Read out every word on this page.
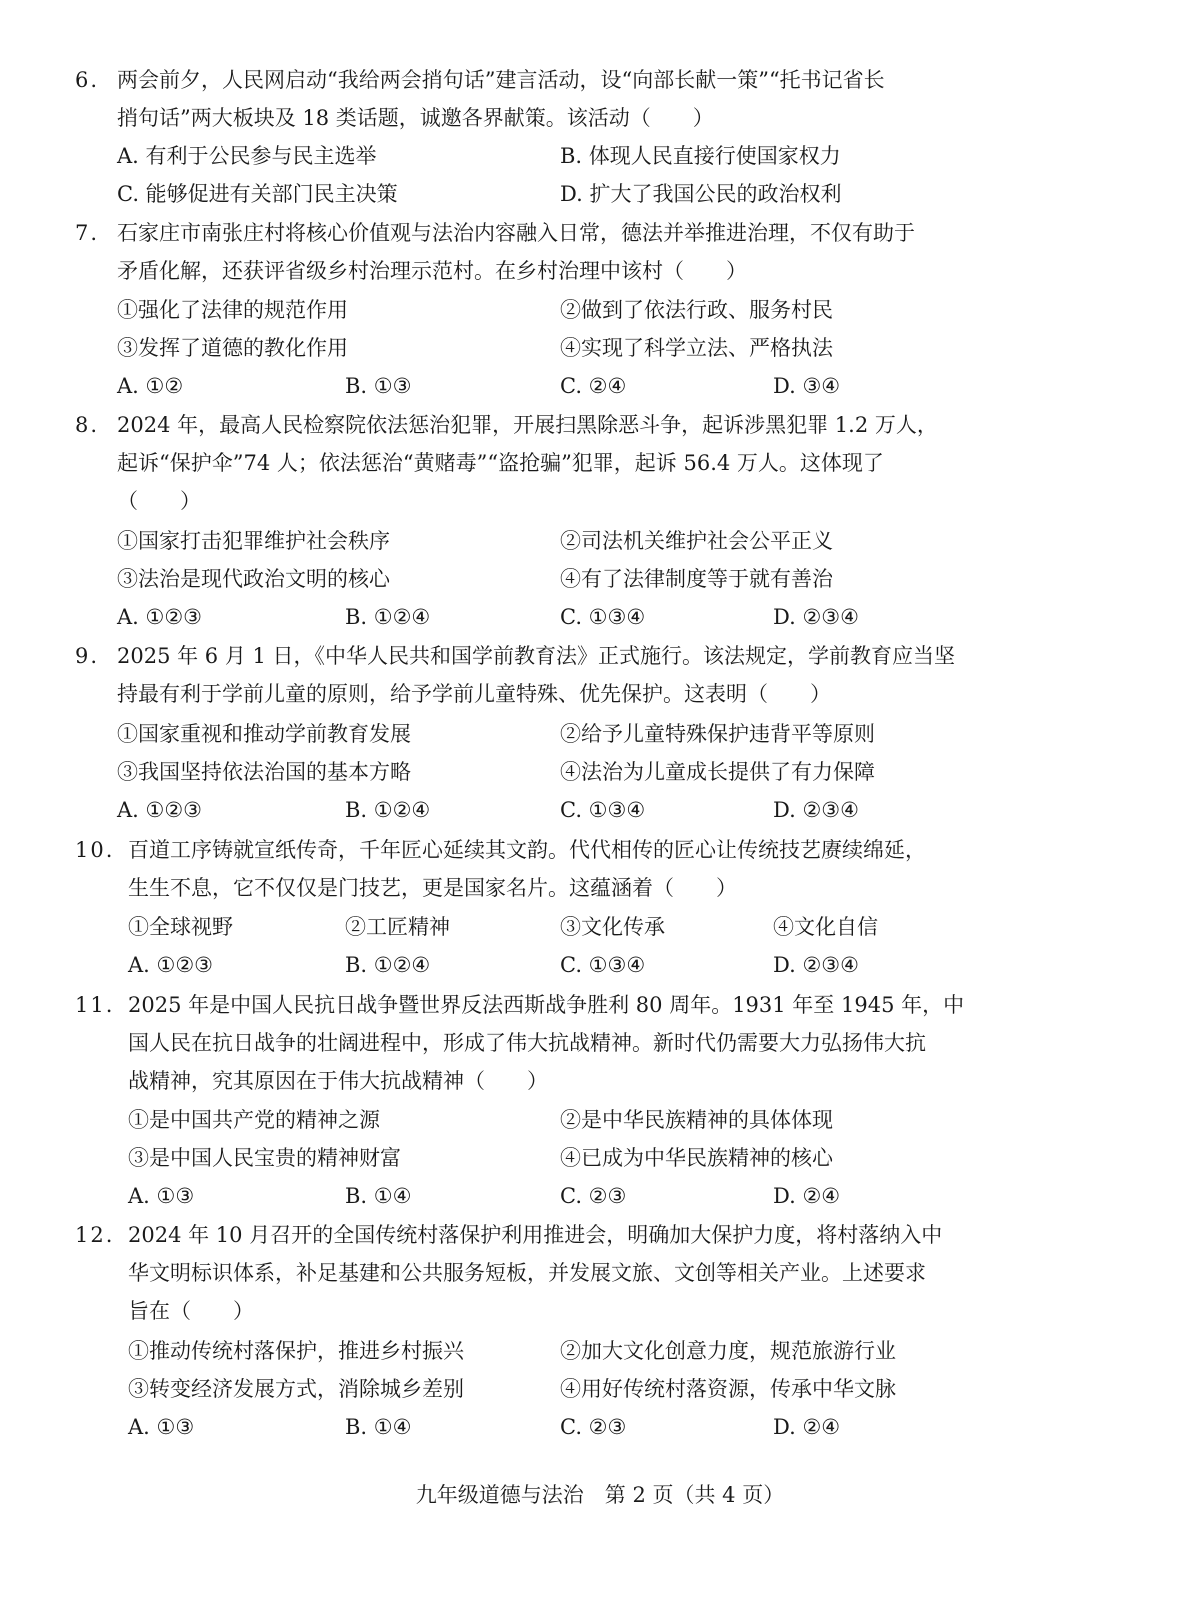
6. 两会前夕，人民网启动“我给两会捎句话”建言活动，设“向部长献一策”“托书记省长
捎句话”两大板块及 18 类话题，诚邀各界献策。该活动（　　）
A. 有利于公民参与民主选举	B. 体现人民直接行使国家权力
C. 能够促进有关部门民主决策	D. 扩大了我国公民的政治权利
7. 石家庄市南张庄村将核心价值观与法治内容融入日常，德法并举推进治理，不仅有助于
矛盾化解，还获评省级乡村治理示范村。在乡村治理中该村（　　）
①强化了法律的规范作用	②做到了依法行政、服务村民
③发挥了道德的教化作用	④实现了科学立法、严格执法
A. ①②	B. ①③	C. ②④	D. ③④
8. 2024 年，最高人民检察院依法惩治犯罪，开展扫黑除恶斗争，起诉涉黑犯罪 1.2 万人，
起诉“保护伞”74 人；依法惩治“黄赌毒”“盗抢骗”犯罪，起诉 56.4 万人。这体现了
（　　）
①国家打击犯罪维护社会秩序	②司法机关维护社会公平正义
③法治是现代政治文明的核心	④有了法律制度等于就有善治
A. ①②③	B. ①②④	C. ①③④	D. ②③④
9. 2025 年 6 月 1 日，《中华人民共和国学前教育法》正式施行。该法规定，学前教育应当坚
持最有利于学前儿童的原则，给予学前儿童特殊、优先保护。这表明（　　）
①国家重视和推动学前教育发展	②给予儿童特殊保护违背平等原则
③我国坚持依法治国的基本方略	④法治为儿童成长提供了有力保障
A. ①②③	B. ①②④	C. ①③④	D. ②③④
10. 百道工序铸就宣纸传奇，千年匠心延续其文韵。代代相传的匠心让传统技艺赓续绵延，
生生不息，它不仅仅是门技艺，更是国家名片。这蕴涵着（　　）
①全球视野	②工匠精神	③文化传承	④文化自信
A. ①②③	B. ①②④	C. ①③④	D. ②③④
11. 2025 年是中国人民抗日战争暨世界反法西斯战争胜利 80 周年。1931 年至 1945 年，中
国人民在抗日战争的壮阔进程中，形成了伟大抗战精神。新时代仍需要大力弘扬伟大抗
战精神，究其原因在于伟大抗战精神（　　）
①是中国共产党的精神之源	②是中华民族精神的具体体现
③是中国人民宝贵的精神财富	④已成为中华民族精神的核心
A. ①③	B. ①④	C. ②③	D. ②④
12. 2024 年 10 月召开的全国传统村落保护利用推进会，明确加大保护力度，将村落纳入中
华文明标识体系，补足基建和公共服务短板，并发展文旅、文创等相关产业。上述要求
旨在（　　）
①推动传统村落保护，推进乡村振兴	②加大文化创意力度，规范旅游行业
③转变经济发展方式，消除城乡差别	④用好传统村落资源，传承中华文脉
A. ①③	B. ①④	C. ②③	D. ②④
九年级道德与法治　第 2 页（共 4 页）
